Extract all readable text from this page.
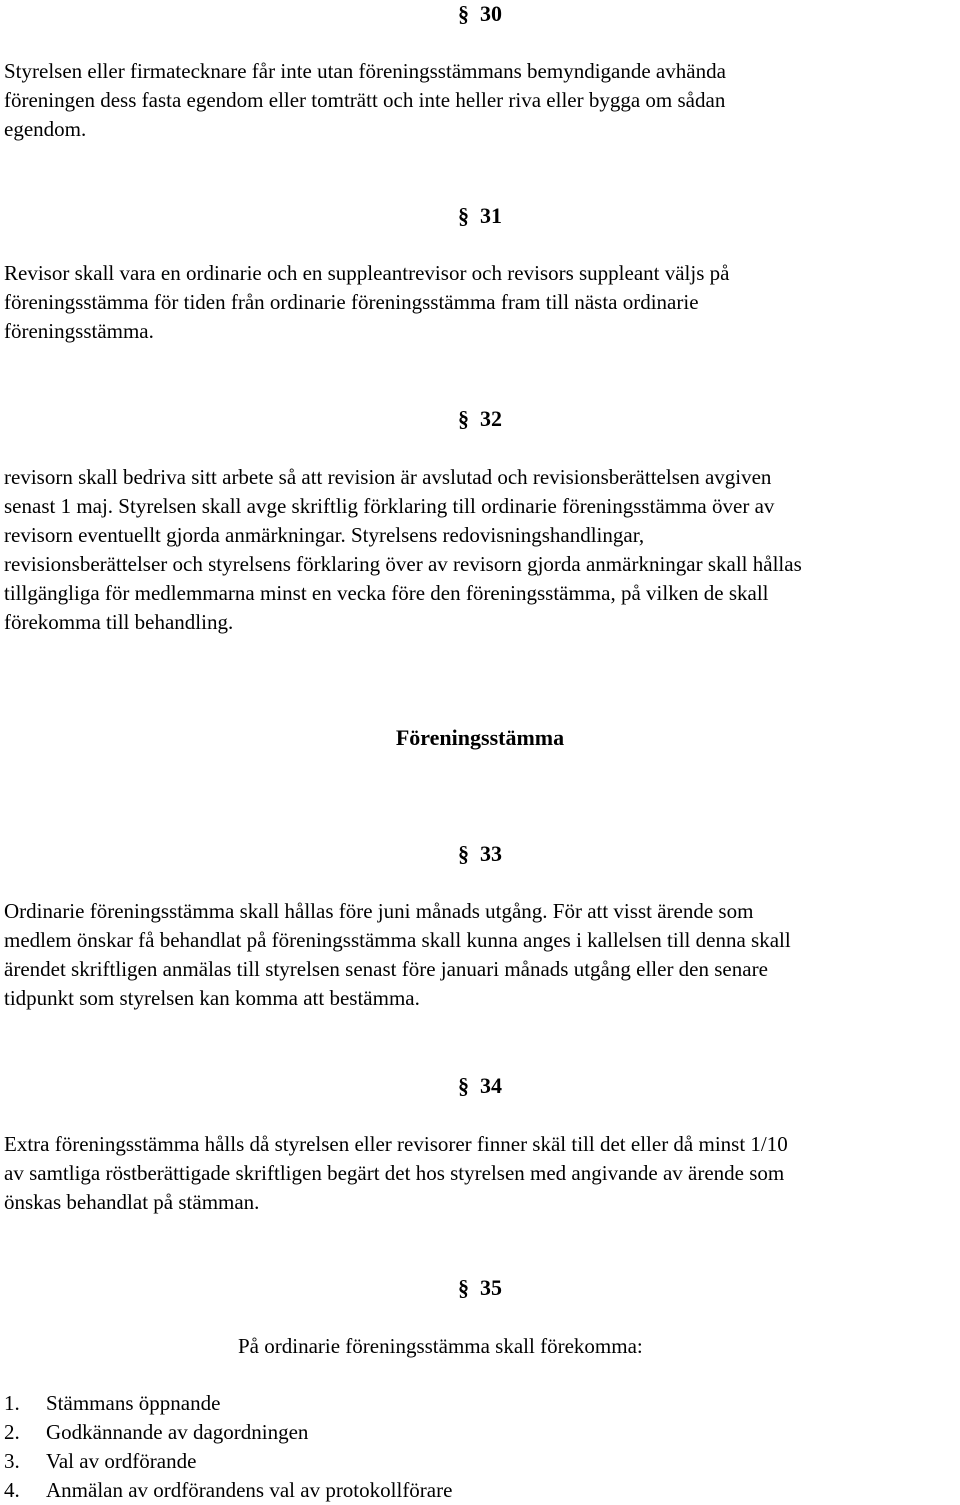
§ 30
Styrelsen eller firmatecknare får inte utan föreningsstämmans bemyndigande avhända
föreningen dess fasta egendom eller tomträtt och inte heller riva eller bygga om sådan
egendom.
§ 31
Revisor skall vara en ordinarie och en suppleantrevisor och revisors suppleant väljs på
föreningsstämma för tiden från ordinarie föreningsstämma fram till nästa ordinarie
föreningsstämma.
§ 32
revisorn skall bedriva sitt arbete så att revision är avslutad och revisionsberättelsen avgiven
senast 1 maj. Styrelsen skall avge skriftlig förklaring till ordinarie föreningsstämma över av
revisorn eventuellt gjorda anmärkningar. Styrelsens redovisningshandlingar,
revisionsberättelser och styrelsens förklaring över av revisorn gjorda anmärkningar skall hållas
tillgängliga för medlemmarna minst en vecka före den föreningsstämma, på vilken de skall
förekomma till behandling.
Föreningsstämma
§ 33
Ordinarie föreningsstämma skall hållas före juni månads utgång. För att visst ärende som
medlem önskar få behandlat på föreningsstämma skall kunna anges i kallelsen till denna skall
ärendet skriftligen anmälas till styrelsen senast före januari månads utgång eller den senare
tidpunkt som styrelsen kan komma att bestämma.
§ 34
Extra föreningsstämma hålls då styrelsen eller revisorer finner skäl till det eller då minst 1/10
av samtliga röstberättigade skriftligen begärt det hos styrelsen med angivande av ärende som
önskas behandlat på stämman.
§ 35
På ordinarie föreningsstämma skall förekomma:
1. Stämmans öppnande
2. Godkännande av dagordningen
3. Val av ordförande
4. Anmälan av ordförandens val av protokollförare
